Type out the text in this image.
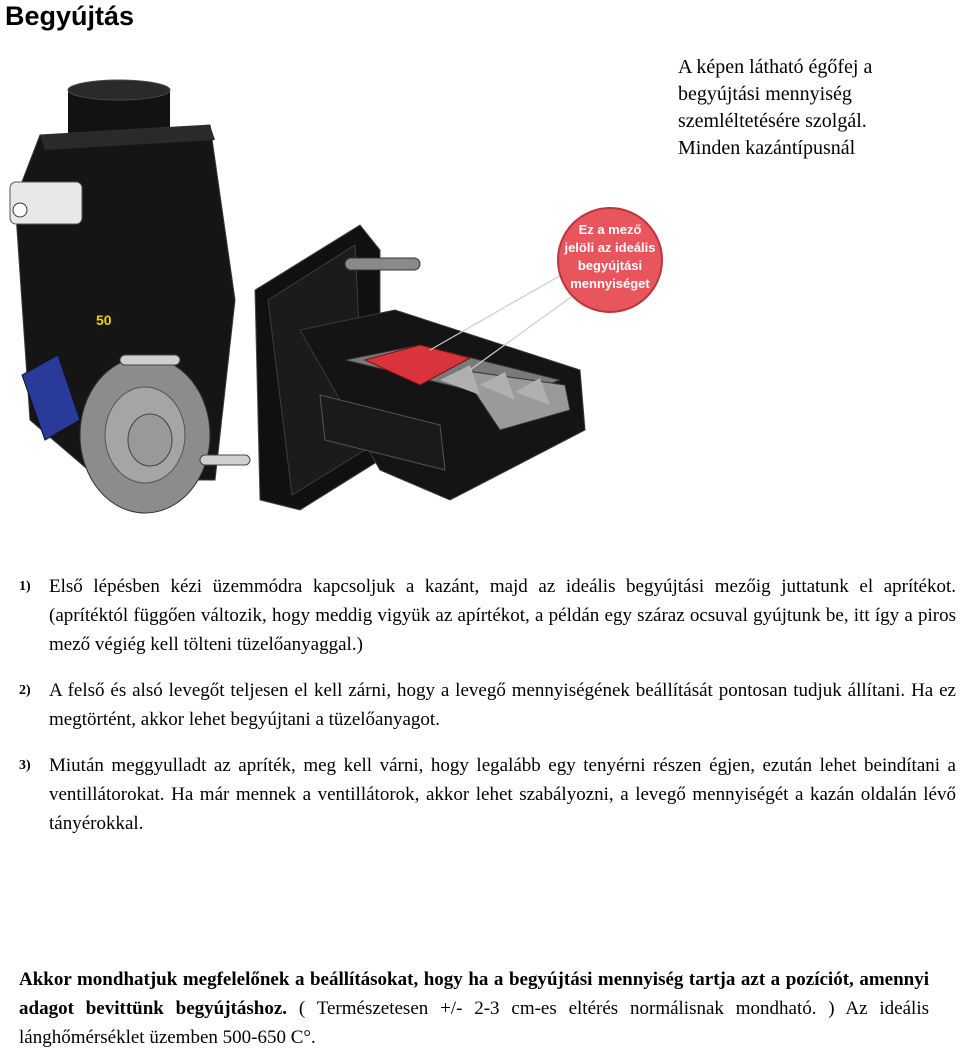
Begyújtás
A képen látható égőfej a
begyújtási mennyiség
szemléltetésére szolgál.
Minden kazántípusnál
50
Ez a mező
jelöli az ideális
begyújtási
mennyiséget
1) Első lépésben kézi üzemmódra kapcsoljuk a kazánt, majd az ideális begyújtási mezőig juttatunk el aprítékot. (aprítéktól függően változik, hogy meddig vigyük az apírtékot, a példán egy száraz ocsuval gyújtunk be, itt így a piros mező végiég kell tölteni tüzelőanyaggal.)
2) A felső és alsó levegőt teljesen el kell zárni, hogy a levegő mennyiségének beállítását pontosan tudjuk állítani. Ha ez megtörtént, akkor lehet begyújtani a tüzelőanyagot.
3) Miután meggyulladt az apríték, meg kell várni, hogy legalább egy tenyérni részen égjen, ezután lehet beindítani a ventillátorokat. Ha már mennek a ventillátorok, akkor lehet szabályozni, a levegő mennyiségét a kazán oldalán lévő tányérokkal.
Akkor mondhatjuk megfelelőnek a beállításokat, hogy ha a begyújtási mennyiség tartja azt a pozíciót, amennyi adagot bevittünk begyújtáshoz. ( Természetesen +/- 2-3 cm-es eltérés normálisnak mondható. ) Az ideális lánghőmérséklet üzemben 500-650 C°.
